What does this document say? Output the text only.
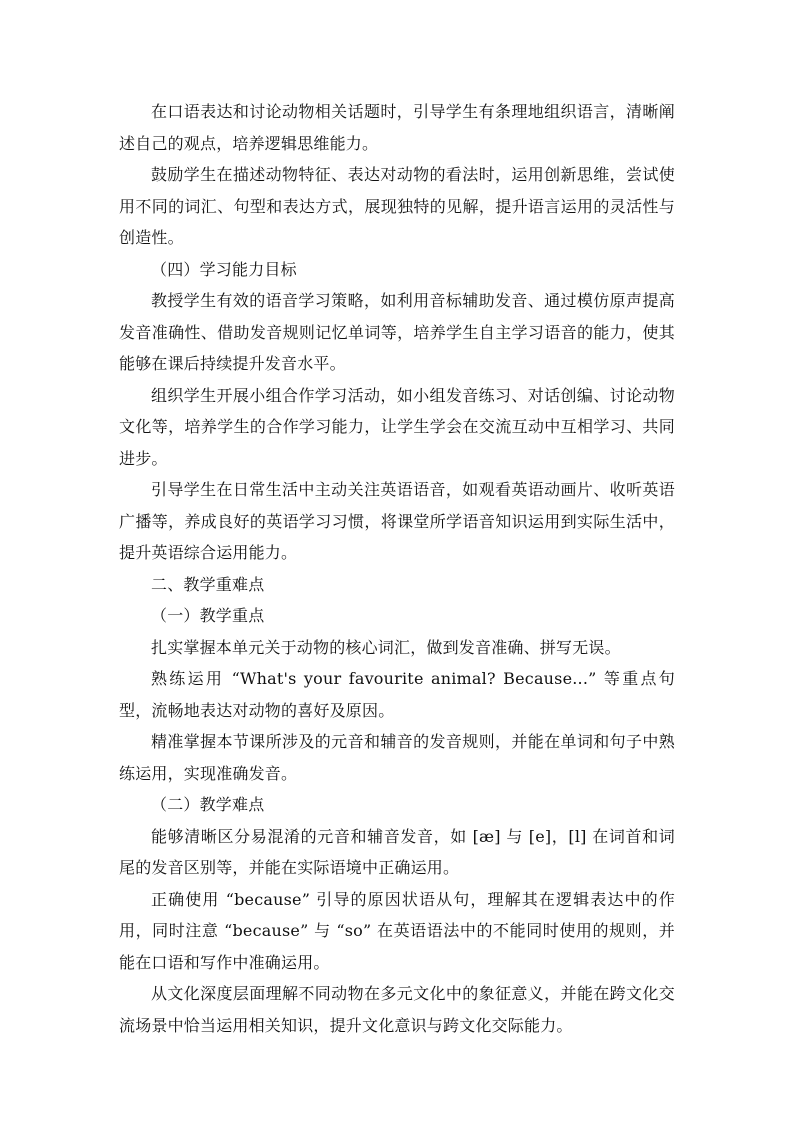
在口语表达和讨论动物相关话题时，引导学生有条理地组织语言，清晰阐述自己的观点，培养逻辑思维能力。

鼓励学生在描述动物特征、表达对动物的看法时，运用创新思维，尝试使用不同的词汇、句型和表达方式，展现独特的见解，提升语言运用的灵活性与创造性。

（四）学习能力目标

教授学生有效的语音学习策略，如利用音标辅助发音、通过模仿原声提高发音准确性、借助发音规则记忆单词等，培养学生自主学习语音的能力，使其能够在课后持续提升发音水平。

组织学生开展小组合作学习活动，如小组发音练习、对话创编、讨论动物文化等，培养学生的合作学习能力，让学生学会在交流互动中互相学习、共同进步。

引导学生在日常生活中主动关注英语语音，如观看英语动画片、收听英语广播等，养成良好的英语学习习惯，将课堂所学语音知识运用到实际生活中，提升英语综合运用能力。

二、教学重难点

（一）教学重点

扎实掌握本单元关于动物的核心词汇，做到发音准确、拼写无误。

熟练运用 “What's your favourite animal? Because...” 等重点句型，流畅地表达对动物的喜好及原因。

精准掌握本节课所涉及的元音和辅音的发音规则，并能在单词和句子中熟练运用，实现准确发音。

（二）教学难点

能够清晰区分易混淆的元音和辅音发音，如 [æ] 与 [e]，[l] 在词首和词尾的发音区别等，并能在实际语境中正确运用。

正确使用 “because” 引导的原因状语从句，理解其在逻辑表达中的作用，同时注意 “because” 与 “so” 在英语语法中的不能同时使用的规则，并能在口语和写作中准确运用。

从文化深度层面理解不同动物在多元文化中的象征意义，并能在跨文化交流场景中恰当运用相关知识，提升文化意识与跨文化交际能力。
